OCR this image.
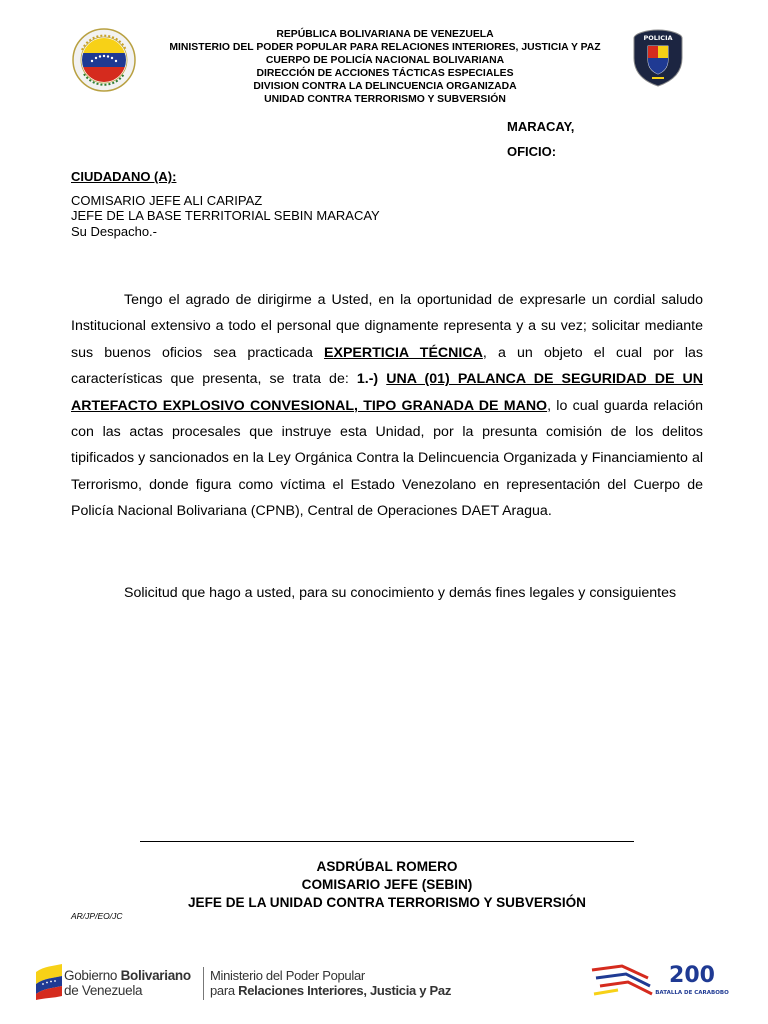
POLICIA
REPÚBLICA BOLIVARIANA DE VENEZUELA
MINISTERIO DEL PODER POPULAR PARA RELACIONES INTERIORES, JUSTICIA Y PAZ
CUERPO DE POLICÍA NACIONAL BOLIVARIANA
DIRECCIÓN DE ACCIONES TÁCTICAS ESPECIALES
DIVISION CONTRA LA DELINCUENCIA ORGANIZADA
UNIDAD CONTRA TERRORISMO Y SUBVERSIÓN
MARACAY,
OFICIO:
CIUDADANO (A):
COMISARIO JEFE ALI CARIPAZ
JEFE DE LA BASE TERRITORIAL SEBIN MARACAY
Su Despacho.-
Tengo el agrado de dirigirme a Usted, en la oportunidad de expresarle un cordial saludo Institucional extensivo a todo el personal que dignamente representa y a su vez; solicitar mediante sus buenos oficios sea practicada EXPERTICIA TÉCNICA, a un objeto el cual por las características que presenta, se trata de: 1.-) UNA (01) PALANCA DE SEGURIDAD DE UN ARTEFACTO EXPLOSIVO CONVESIONAL, TIPO GRANADA DE MANO, lo cual guarda relación con las actas procesales que instruye esta Unidad, por la presunta comisión de los delitos tipificados y sancionados en la Ley Orgánica Contra la Delincuencia Organizada y Financiamiento al Terrorismo, donde figura como víctima el Estado Venezolano en representación del Cuerpo de Policía Nacional Bolivariana (CPNB), Central de Operaciones DAET Aragua.
Solicitud que hago a usted, para su conocimiento y demás fines legales y consiguientes
ASDRÚBAL ROMERO
COMISARIO JEFE (SEBIN)
JEFE DE LA UNIDAD CONTRA TERRORISMO Y SUBVERSIÓN
AR/JP/EO/JC
Gobierno Bolivariano
de Venezuela
Ministerio del Poder Popular
para Relaciones Interiores, Justicia y Paz
200
BATALLA DE CARABOBO
